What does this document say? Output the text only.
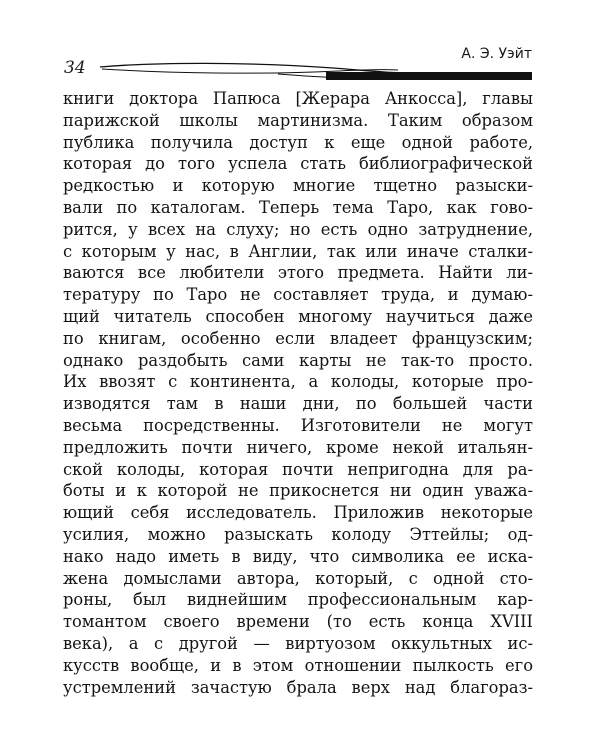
34
А. Э. Уэйт
книги доктора Папюса [Жерара Анкосса], главы
парижской школы мартинизма. Таким образом
публика получила доступ к еще одной работе,
которая до того успела стать библиографической
редкостью и которую многие тщетно разыски-
вали по каталогам. Теперь тема Таро, как гово-
рится, у всех на слуху; но есть одно затруднение,
с которым у нас, в Англии, так или иначе сталки-
ваются все любители этого предмета. Найти ли-
тературу по Таро не составляет труда, и думаю-
щий читатель способен многому научиться даже
по книгам, особенно если владеет французским;
однако раздобыть сами карты не так-то просто.
Их ввозят с континента, а колоды, которые про-
изводятся там в наши дни, по большей части
весьма посредственны. Изготовители не могут
предложить почти ничего, кроме некой итальян-
ской колоды, которая почти непригодна для ра-
боты и к которой не прикоснется ни один уважа-
ющий себя исследователь. Приложив некоторые
усилия, можно разыскать колоду Эттейлы; од-
нако надо иметь в виду, что символика ее иска-
жена домыслами автора, который, с одной сто-
роны, был виднейшим профессиональным кар-
томантом своего времени (то есть конца XVIII
века), а с другой — виртуозом оккультных ис-
кусств вообще, и в этом отношении пылкость его
устремлений зачастую брала верх над благораз-
